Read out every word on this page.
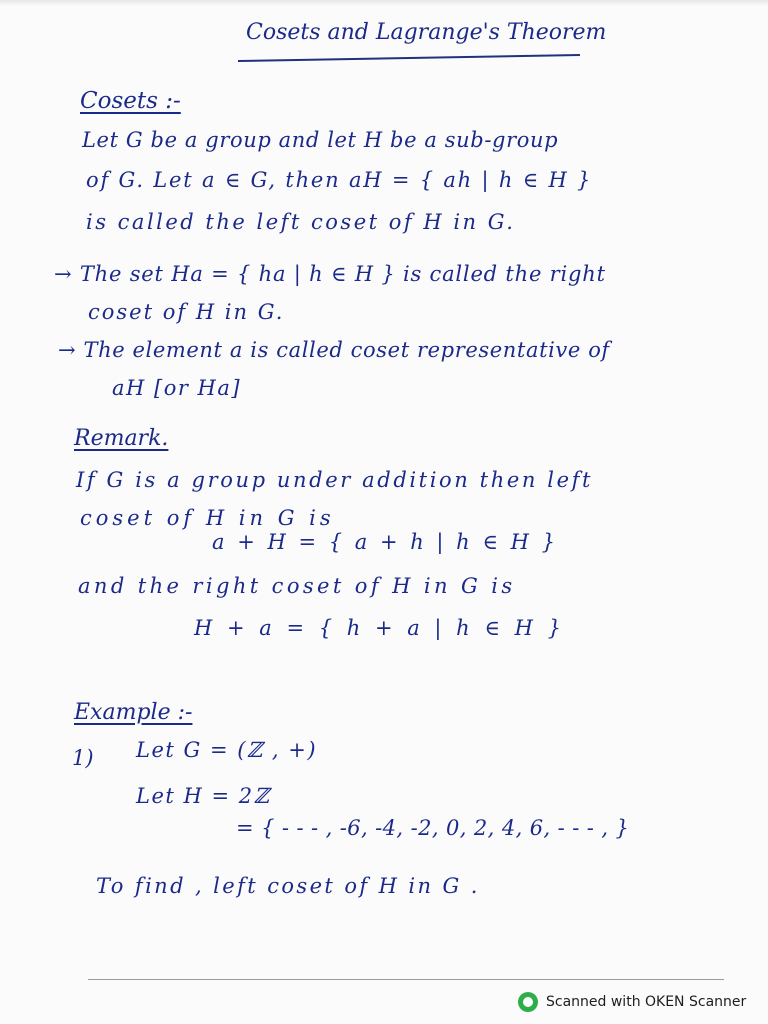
Cosets and Lagrange's Theorem
Cosets :-
Let G be a group and let H be a sub-group
of G. Let a ∈ G, then aH = { ah | h ∈ H }
is called the left coset of H in G.
→ The set Ha = { ha | h ∈ H } is called the right
coset of H in G.
→ The element a is called coset representative of
aH [or Ha]
Remark.
If G is a group under addition then left
coset of H in G is
a + H = { a + h | h ∈ H }
and the right coset of H in G is
H + a = { h + a | h ∈ H }
Example :-
1) Let G = (ℤ , +)
Let H = 2ℤ
= { - - - , -6, -4, -2, 0, 2, 4, 6, - - - , }
To find , left coset of H in G .
Scanned with OKEN Scanner
